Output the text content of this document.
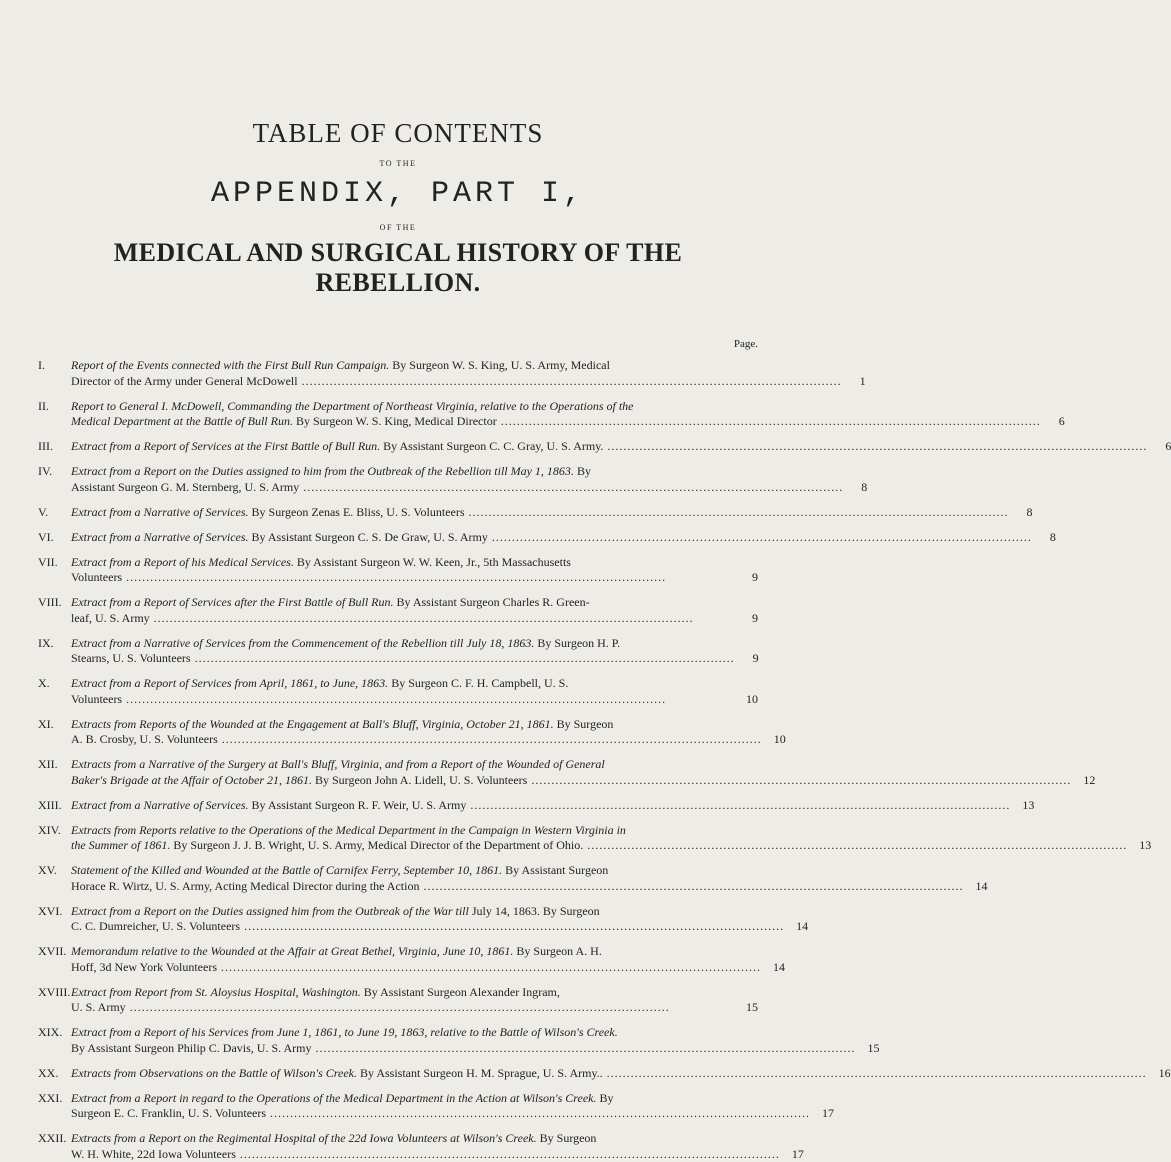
TABLE OF CONTENTS
TO THE
APPENDIX, PART I,
OF THE
MEDICAL AND SURGICAL HISTORY OF THE REBELLION.
Page.
I.	Report of the Events connected with the First Bull Run Campaign. By Surgeon W. S. King, U. S. Army, Medical
Director of the Army under General McDowell . . .	1
II.	Report to General I. McDowell, Commanding the Department of Northeast Virginia, relative to the Operations of the
Medical Department at the Battle of Bull Run. By Surgeon W. S. King, Medical Director . . .	6
III.	Extract from a Report of Services at the First Battle of Bull Run. By Assistant Surgeon C. C. Gray, U. S. Army. . . .	6
IV.	Extract from a Report on the Duties assigned to him from the Outbreak of the Rebellion till May 1, 1863. By
Assistant Surgeon G. M. Sternberg, U. S. Army . . .	8
V.	Extract from a Narrative of Services. By Surgeon Zenas E. Bliss, U. S. Volunteers . . .	8
VI.	Extract from a Narrative of Services. By Assistant Surgeon C. S. De Graw, U. S. Army . . .	8
VII.	Extract from a Report of his Medical Services. By Assistant Surgeon W. W. Keen, Jr., 5th Massachusetts
Volunteers . . .	9
VIII. Extract from a Report of Services after the First Battle of Bull Run. By Assistant Surgeon Charles R. Green-
leaf, U. S. Army . . .	9
IX.	Extract from a Narrative of Services from the Commencement of the Rebellion till July 18, 1863. By Surgeon H. P.
Stearns, U. S. Volunteers . . .	9
X.	Extract from a Report of Services from April, 1861, to June, 1863. By Surgeon C. F. H. Campbell, U. S.
Volunteers . . .	10
XI.	Extracts from Reports of the Wounded at the Engagement at Ball's Bluff, Virginia, October 21, 1861. By Surgeon
A. B. Crosby, U. S. Volunteers . . .	10
XII.	Extracts from a Narrative of the Surgery at Ball's Bluff, Virginia, and from a Report of the Wounded of General
Baker's Brigade at the Affair of October 21, 1861. By Surgeon John A. Lidell, U. S. Volunteers . . .	12
XIII. Extract from a Narrative of Services. By Assistant Surgeon R. F. Weir, U. S. Army . . .	13
XIV. Extracts from Reports relative to the Operations of the Medical Department in the Campaign in Western Virginia in
the Summer of 1861. By Surgeon J. J. B. Wright, U. S. Army, Medical Director of the Department of Ohio. . . .	13
XV.	Statement of the Killed and Wounded at the Battle of Carnifex Ferry, September 10, 1861. By Assistant Surgeon
Horace R. Wirtz, U. S. Army, Acting Medical Director during the Action . . .	14
XVI. Extract from a Report on the Duties assigned him from the Outbreak of the War till July 14, 1863. By Surgeon
C. C. Dumreicher, U. S. Volunteers . . .	14
XVII. Memorandum relative to the Wounded at the Affair at Great Bethel, Virginia, June 10, 1861. By Surgeon A. H.
Hoff, 3d New York Volunteers . . .	14
XVIII. Extract from Report from St. Aloysius Hospital, Washington. By Assistant Surgeon Alexander Ingram,
U. S. Army . . .	15
XIX. Extract from a Report of his Services from June 1, 1861, to June 19, 1863, relative to the Battle of Wilson's Creek.
By Assistant Surgeon Philip C. Davis, U. S. Army . . .	15
XX.	Extracts from Observations on the Battle of Wilson's Creek. By Assistant Surgeon H. M. Sprague, U. S. Army.. . . .	16
XXI. Extract from a Report in regard to the Operations of the Medical Department in the Action at Wilson's Creek. By
Surgeon E. C. Franklin, U. S. Volunteers . . .	17
XXII. Extracts from a Report on the Regimental Hospital of the 22d Iowa Volunteers at Wilson's Creek. By Surgeon
W. H. White, 22d Iowa Volunteers . . .	17
